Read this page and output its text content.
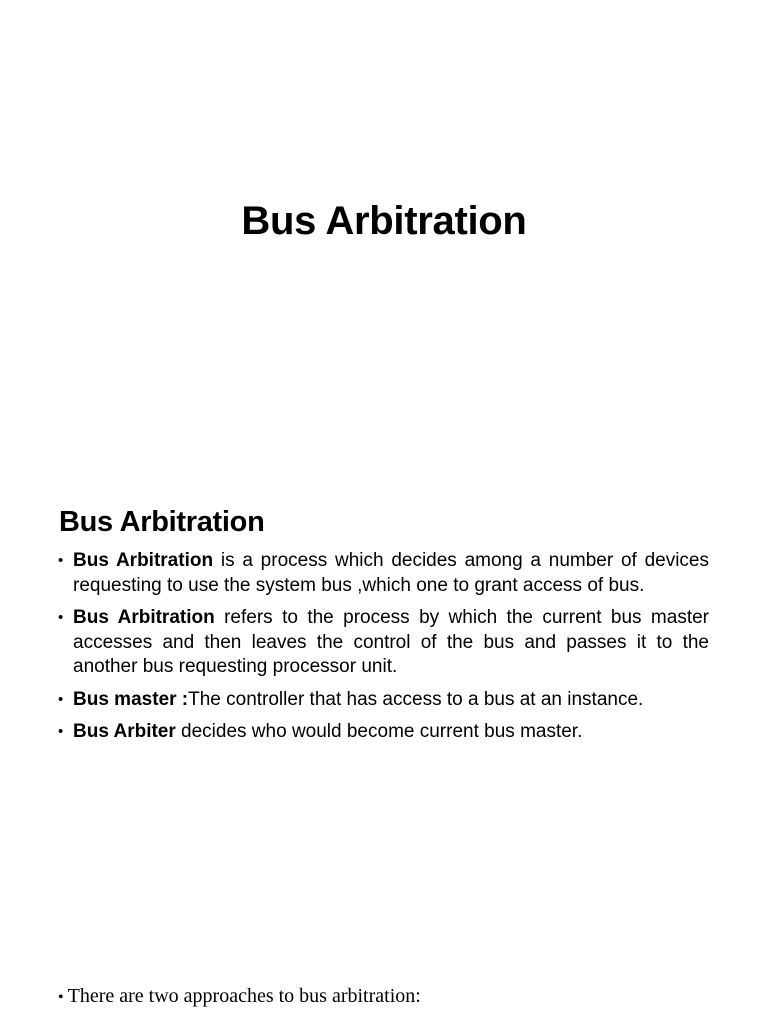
Bus Arbitration
Bus Arbitration
• Bus Arbitration is a process which decides among a number of devices requesting to use the system bus ,which one to grant access of bus.
• Bus Arbitration refers to the process by which the current bus master accesses and then leaves the control of the bus and passes it to the another bus requesting processor unit.
• Bus master :The controller that has access to a bus at an instance.
• Bus Arbiter decides who would become current bus master.
• There are two approaches to bus arbitration:
